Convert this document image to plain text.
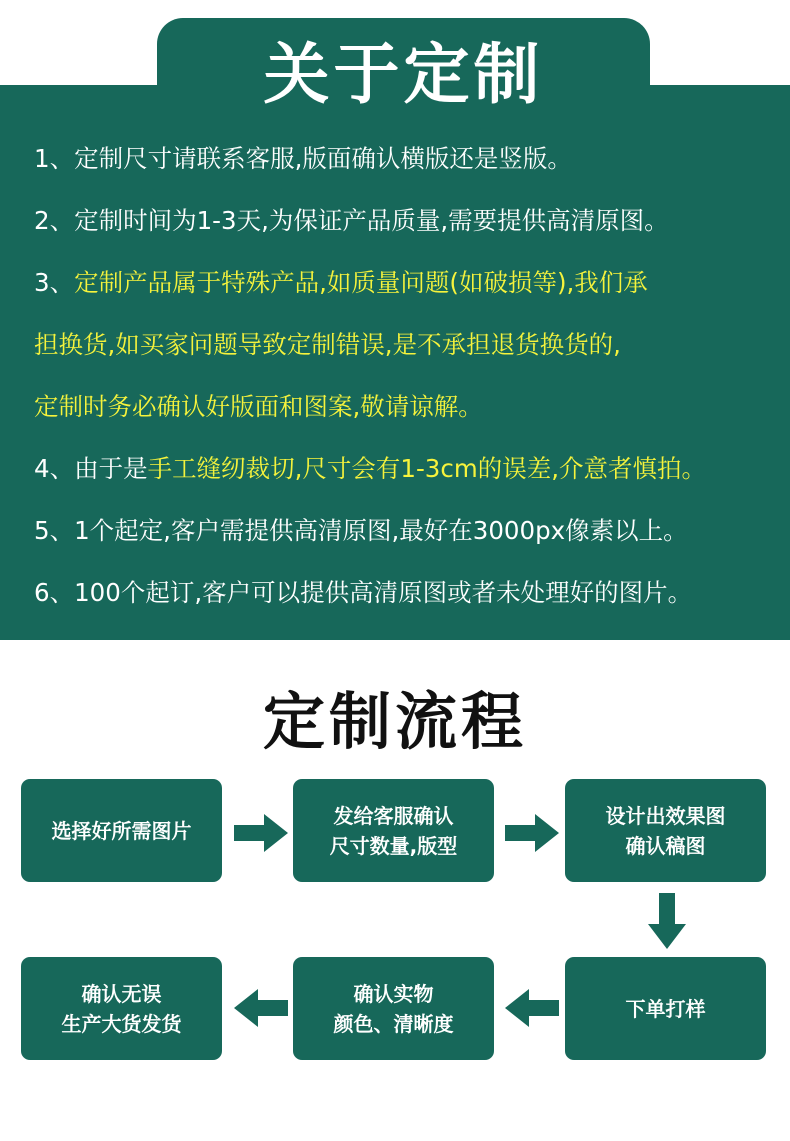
关于定制
1、定制尺寸请联系客服,版面确认横版还是竖版。
2、定制时间为1-3天,为保证产品质量,需要提供高清原图。
3、定制产品属于特殊产品,如质量问题(如破损等),我们承
担换货,如买家问题导致定制错误,是不承担退货换货的,
定制时务必确认好版面和图案,敬请谅解。
4、由于是手工缝纫裁切,尺寸会有1-3cm的误差,介意者慎拍。
5、1个起定,客户需提供高清原图,最好在3000px像素以上。
6、100个起订,客户可以提供高清原图或者未处理好的图片。
定制流程
选择好所需图片
发给客服确认
尺寸数量,版型
设计出效果图
确认稿图
下单打样
确认实物
颜色、清晰度
确认无误
生产大货发货
